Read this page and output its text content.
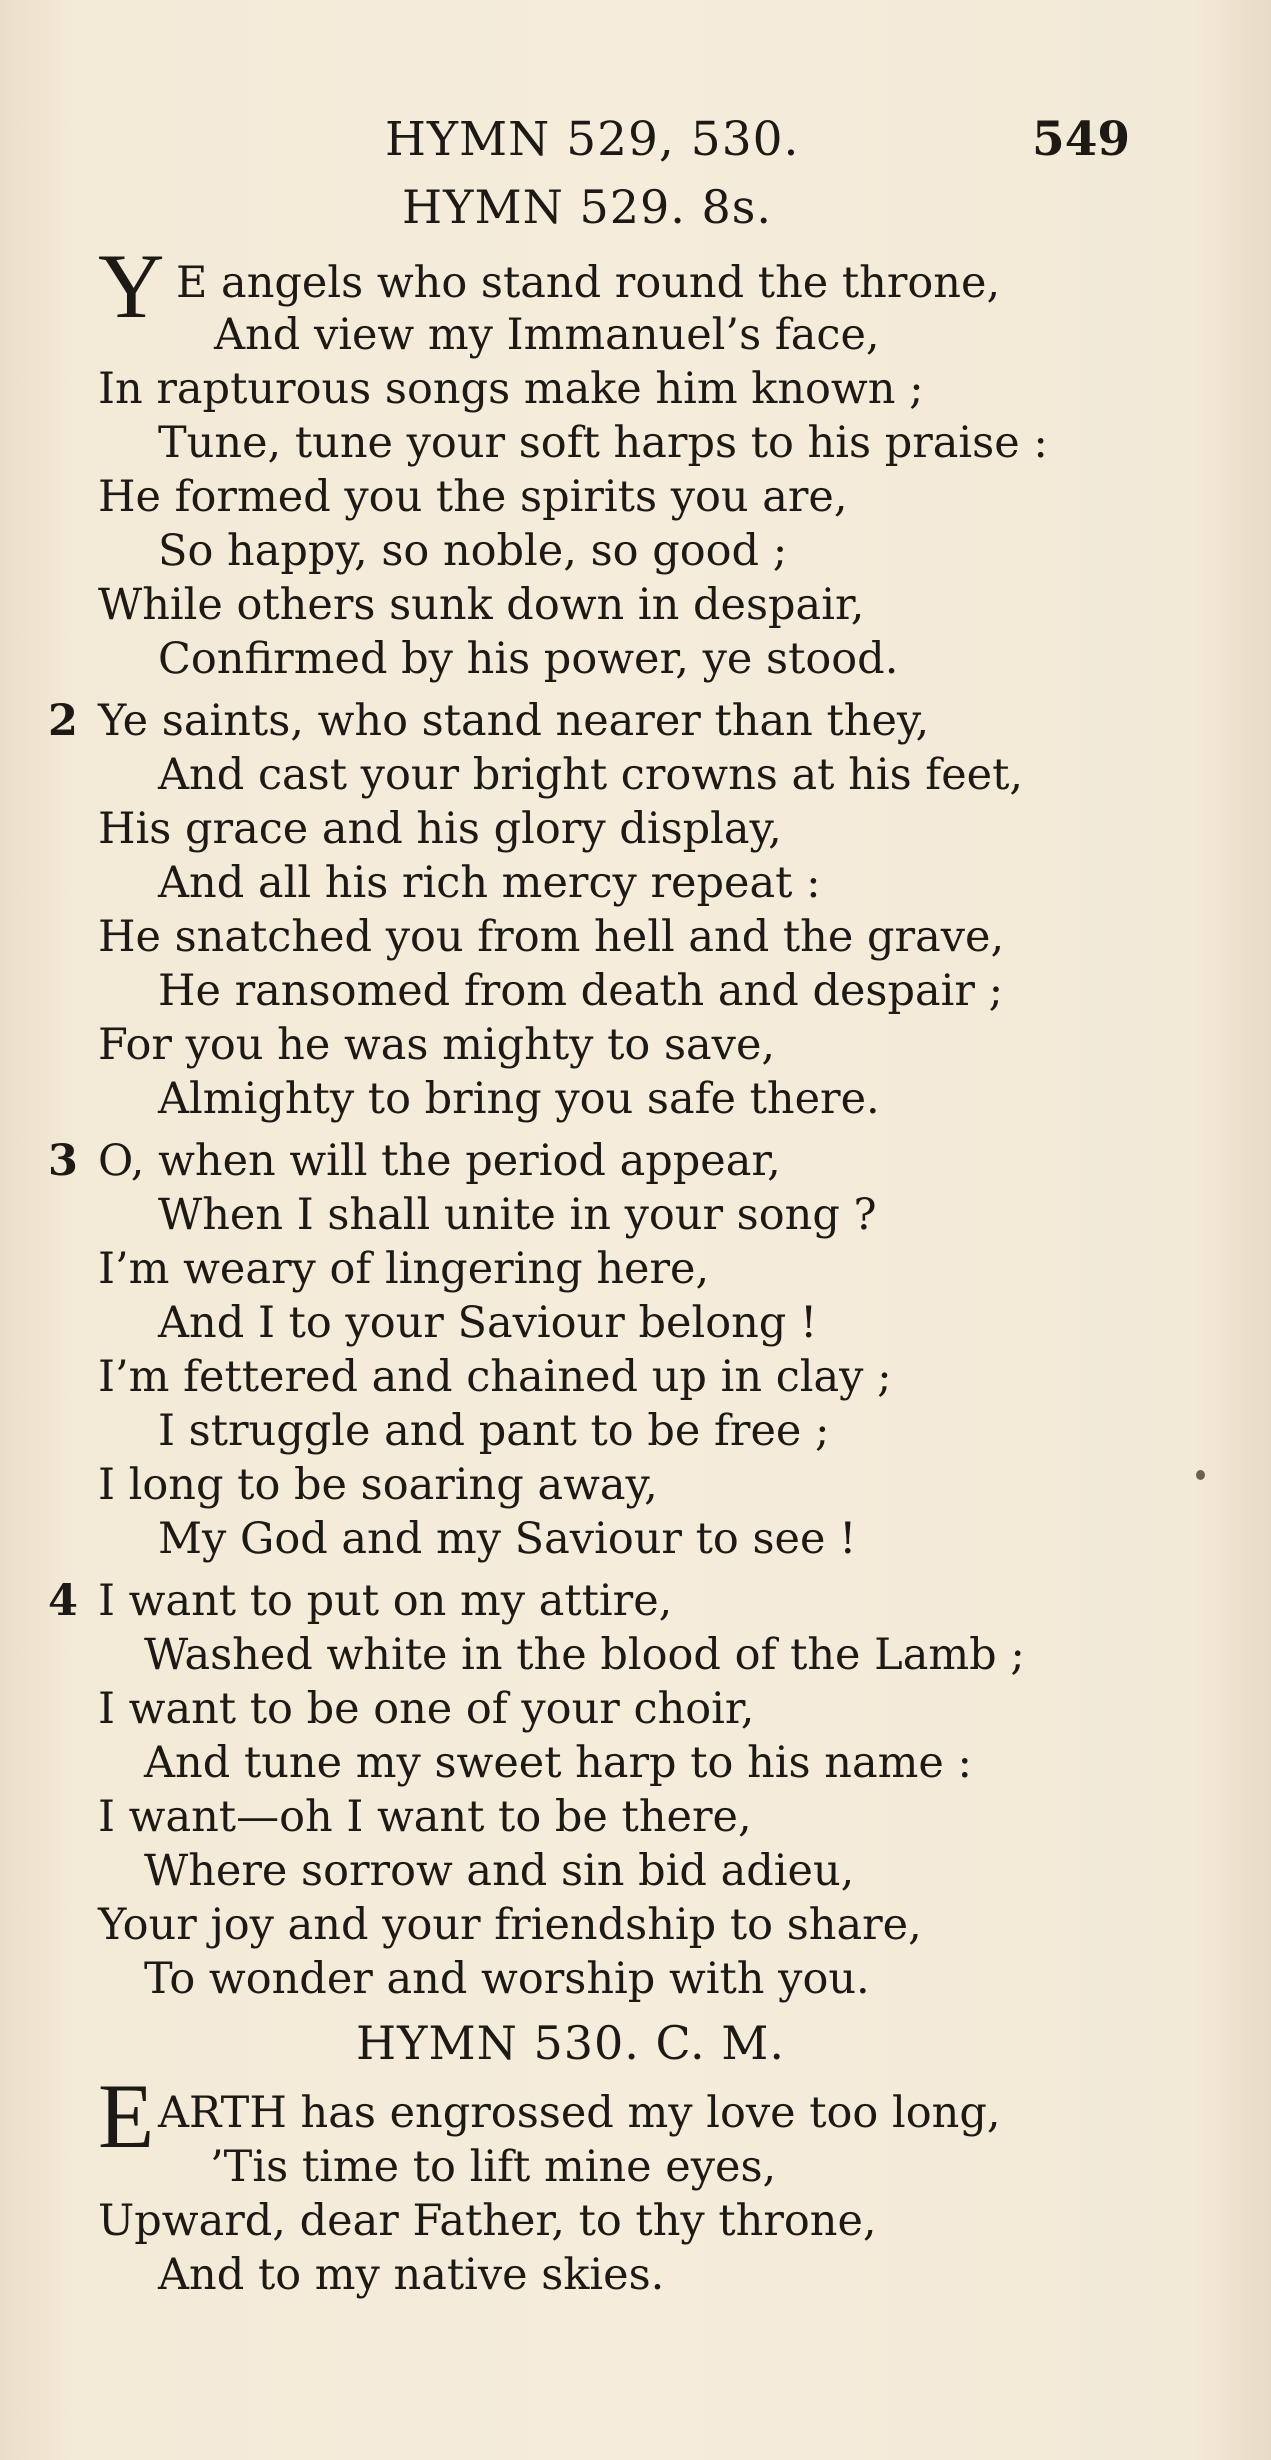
HYMN 529, 530.	549
HYMN 529. 8s.
Y E angels who stand round the throne,
And view my Immanuel’s face,
In rapturous songs make him known ;
Tune, tune your soft harps to his praise :
He formed you the spirits you are,
So happy, so noble, so good ;
While others sunk down in despair,
Confirmed by his power, ye stood.
2 Ye saints, who stand nearer than they,
And cast your bright crowns at his feet,
His grace and his glory display,
And all his rich mercy repeat :
He snatched you from hell and the grave,
He ransomed from death and despair ;
For you he was mighty to save,
Almighty to bring you safe there.
3 O, when will the period appear,
When I shall unite in your song ?
I’m weary of lingering here,
And I to your Saviour belong !
I’m fettered and chained up in clay ;
I struggle and pant to be free ;
I long to be soaring away,
My God and my Saviour to see !
4 I want to put on my attire,
Washed white in the blood of the Lamb ;
I want to be one of your choir,
And tune my sweet harp to his name :
I want—oh I want to be there,
Where sorrow and sin bid adieu,
Your joy and your friendship to share,
To wonder and worship with you.
HYMN 530. C. M.
E ARTH has engrossed my love too long,
’Tis time to lift mine eyes,
Upward, dear Father, to thy throne,
And to my native skies.
